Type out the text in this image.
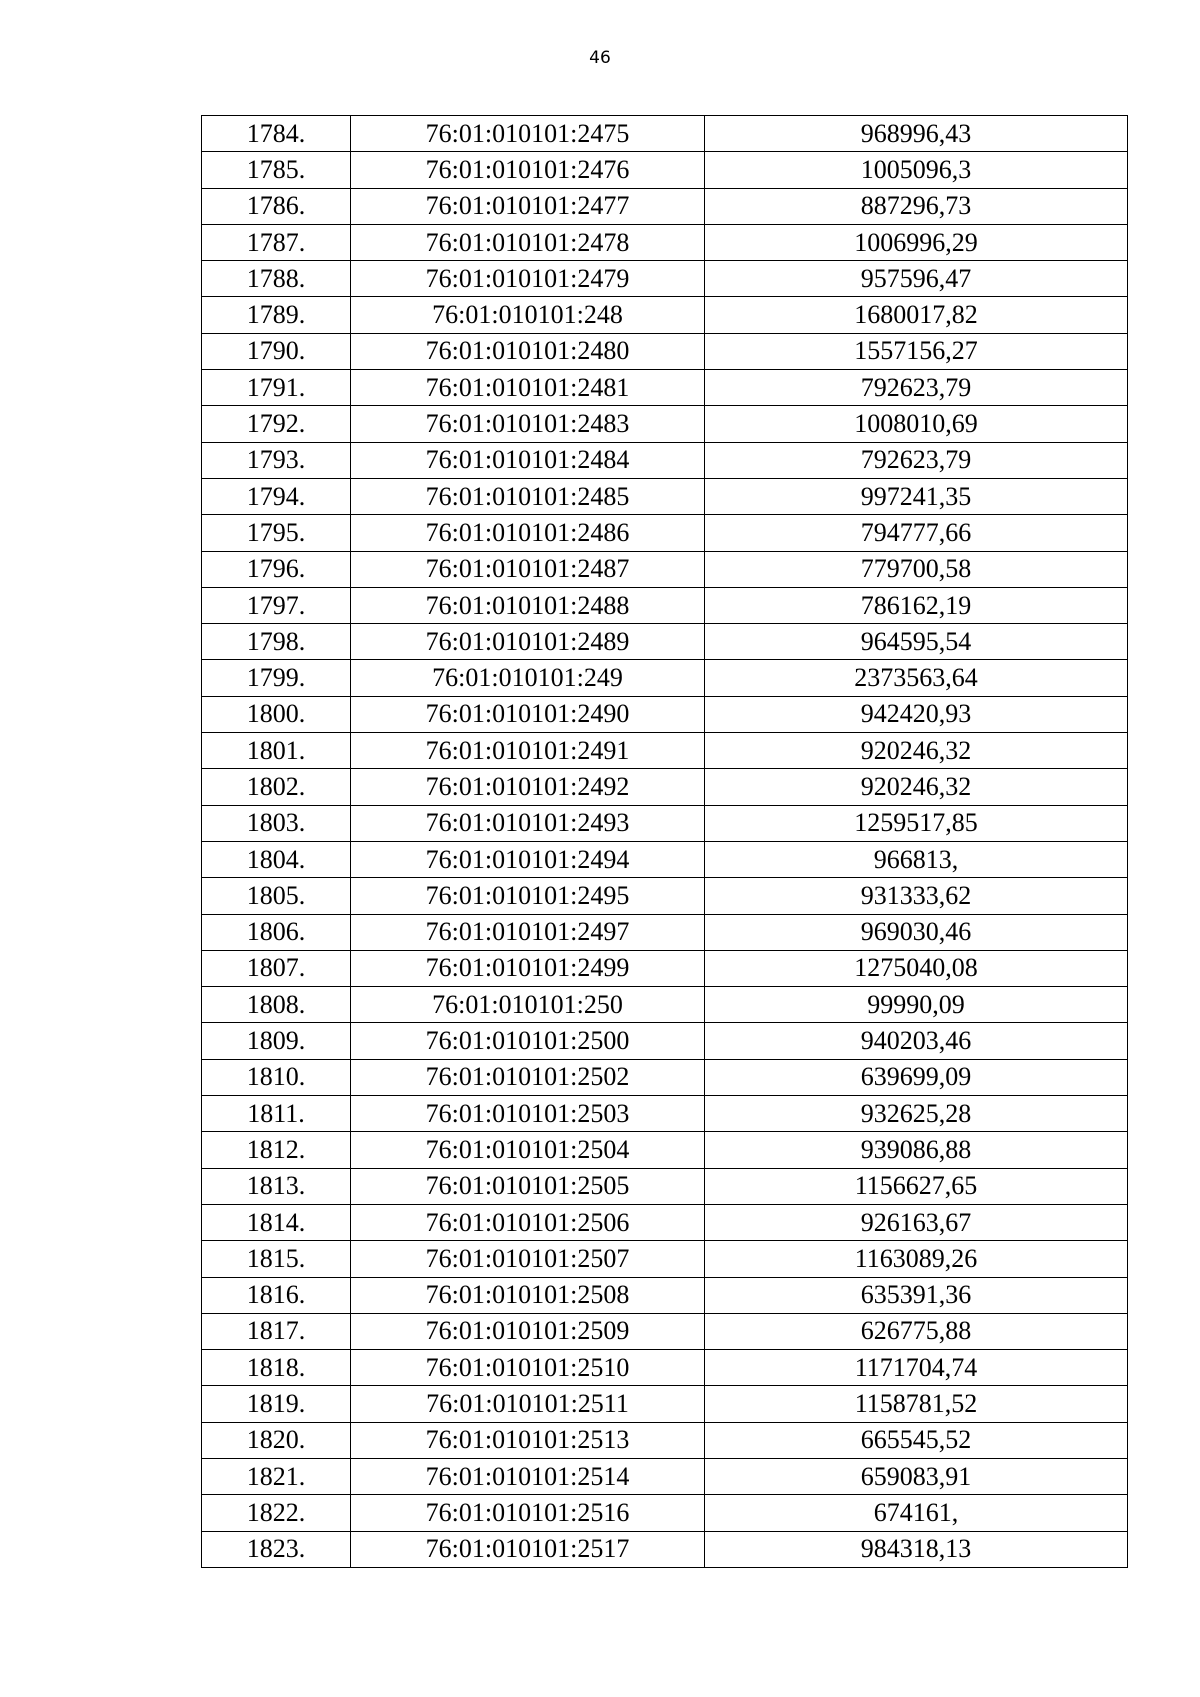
46
1784.	76:01:010101:2475	968996,43
1785.	76:01:010101:2476	1005096,3
1786.	76:01:010101:2477	887296,73
1787.	76:01:010101:2478	1006996,29
1788.	76:01:010101:2479	957596,47
1789.	76:01:010101:248	1680017,82
1790.	76:01:010101:2480	1557156,27
1791.	76:01:010101:2481	792623,79
1792.	76:01:010101:2483	1008010,69
1793.	76:01:010101:2484	792623,79
1794.	76:01:010101:2485	997241,35
1795.	76:01:010101:2486	794777,66
1796.	76:01:010101:2487	779700,58
1797.	76:01:010101:2488	786162,19
1798.	76:01:010101:2489	964595,54
1799.	76:01:010101:249	2373563,64
1800.	76:01:010101:2490	942420,93
1801.	76:01:010101:2491	920246,32
1802.	76:01:010101:2492	920246,32
1803.	76:01:010101:2493	1259517,85
1804.	76:01:010101:2494	966813,
1805.	76:01:010101:2495	931333,62
1806.	76:01:010101:2497	969030,46
1807.	76:01:010101:2499	1275040,08
1808.	76:01:010101:250	99990,09
1809.	76:01:010101:2500	940203,46
1810.	76:01:010101:2502	639699,09
1811.	76:01:010101:2503	932625,28
1812.	76:01:010101:2504	939086,88
1813.	76:01:010101:2505	1156627,65
1814.	76:01:010101:2506	926163,67
1815.	76:01:010101:2507	1163089,26
1816.	76:01:010101:2508	635391,36
1817.	76:01:010101:2509	626775,88
1818.	76:01:010101:2510	1171704,74
1819.	76:01:010101:2511	1158781,52
1820.	76:01:010101:2513	665545,52
1821.	76:01:010101:2514	659083,91
1822.	76:01:010101:2516	674161,
1823.	76:01:010101:2517	984318,13
